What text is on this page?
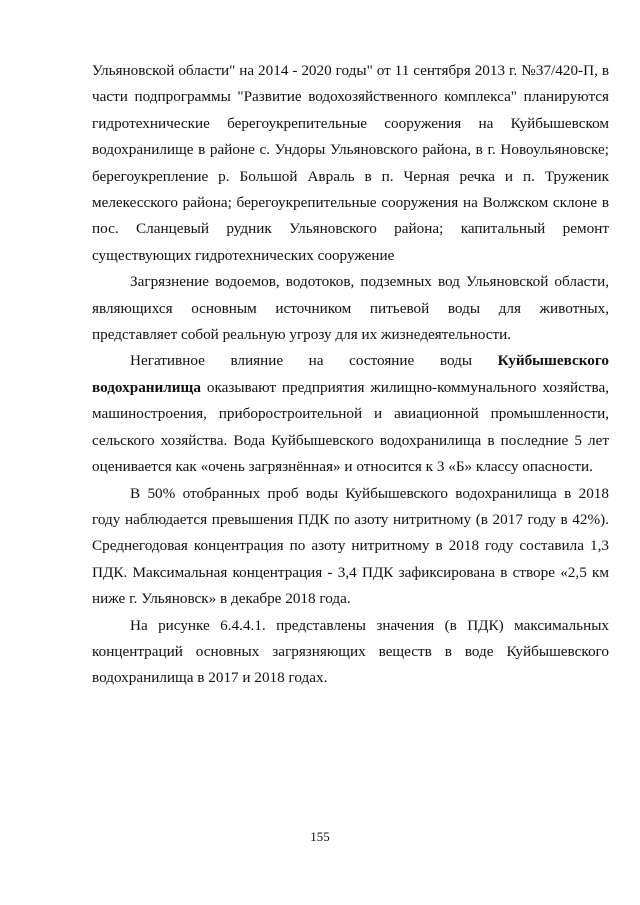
Ульяновской области" на 2014 - 2020 годы" от 11 сентября 2013 г. №37/420-П, в части подпрограммы "Развитие водохозяйственного комплекса" планируются гидротехнические берегоукрепительные сооружения на Куйбышевском водохранилище в районе с. Ундоры Ульяновского района, в г. Новоульяновске; берегоукрепление р. Большой Авраль в п. Черная речка и п. Труженик мелекесского района; берегоукрепительные сооружения на Волжском склоне в пос. Сланцевый рудник Ульяновского района; капитальный ремонт существующих гидротехнических сооружение

Загрязнение водоемов, водотоков, подземных вод Ульяновской области, являющихся основным источником питьевой воды для животных, представляет собой реальную угрозу для их жизнедеятельности.

Негативное влияние на состояние воды Куйбышевского водохранилища оказывают предприятия жилищно-коммунального хозяйства, машиностроения, приборостроительной и авиационной промышленности, сельского хозяйства. Вода Куйбышевского водохранилища в последние 5 лет оценивается как «очень загрязнённая» и относится к 3 «Б» классу опасности.

В 50% отобранных проб воды Куйбышевского водохранилища в 2018 году наблюдается превышения ПДК по азоту нитритному (в 2017 году в 42%). Среднегодовая концентрация по азоту нитритному в 2018 году составила 1,3 ПДК. Максимальная концентрация - 3,4 ПДК зафиксирована в створе «2,5 км ниже г. Ульяновск» в декабре 2018 года.

На рисунке 6.4.4.1. представлены значения (в ПДК) максимальных концентраций основных загрязняющих веществ в воде Куйбышевского водохранилища в 2017 и 2018 годах.

155
